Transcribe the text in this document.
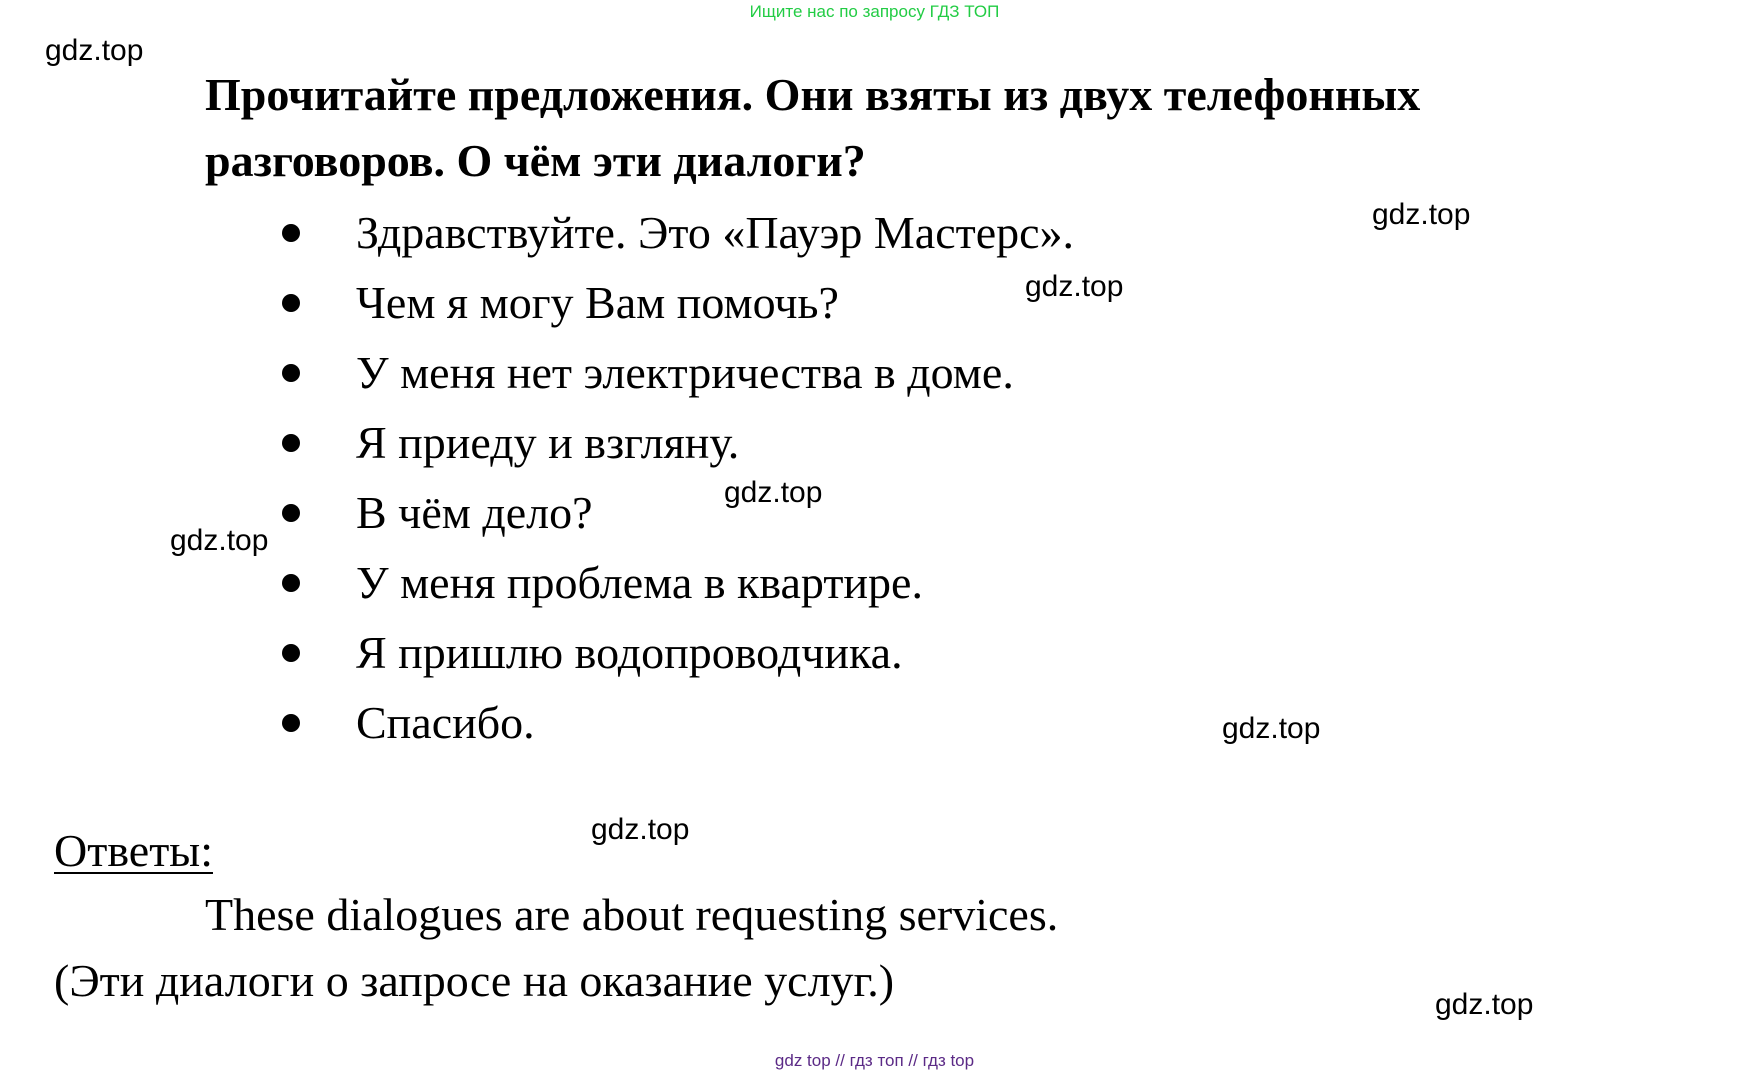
Ищите нас по запросу ГДЗ ТОП
gdz.top
gdz.top
gdz.top
gdz.top
gdz.top
gdz.top
gdz.top
gdz.top
Прочитайте предложения. Они взяты из двух телефонных разговоров. О чём эти диалоги?
Здравствуйте. Это «Пауэр Мастерс».
Чем я могу Вам помочь?
У меня нет электричества в доме.
Я приеду и взгляну.
В чём дело?
У меня проблема в квартире.
Я пришлю водопроводчика.
Спасибо.
Ответы:
These dialogues are about requesting services.
(Эти диалоги о запросе на оказание услуг.)
gdz top // гдз топ // гдз top
